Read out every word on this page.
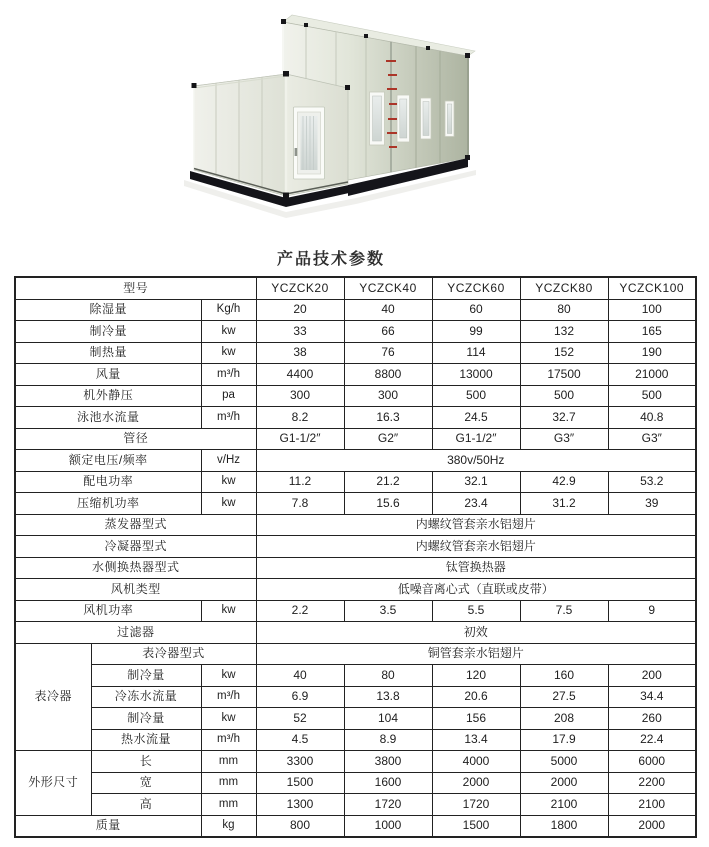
产品技术参数
型号			YCZCK20	YCZCK40	YCZCK60	YCZCK80	YCZCK100
除湿量		Kg/h	20	40	60	80	100
制冷量		kw	33	66	99	132	165
制热量		kw	38	76	114	152	190
风量		m³/h	4400	8800	13000	17500	21000
机外静压		pa	300	300	500	500	500
泳池水流量		m³/h	8.2	16.3	24.5	32.7	40.8
管径			G1-1/2″	G2″	G1-1/2″	G3″	G3″
额定电压/频率		v/Hz	380v/50Hz				
配电功率		kw	11.2	21.2	32.1	42.9	53.2
压缩机功率		kw	7.8	15.6	23.4	31.2	39
蒸发器型式			内螺纹管套亲水铝翅片				
冷凝器型式			内螺纹管套亲水铝翅片				
水侧换热器型式			钛管换热器				
风机类型			低噪音离心式（直联或皮带）				
风机功率		kw	2.2	3.5	5.5	7.5	9
过滤器			初效				
表冷器	表冷器型式		铜管套亲水铝翅片				
	制冷量	kw	40	80	120	160	200
	冷冻水流量	m³/h	6.9	13.8	20.6	27.5	34.4
	制冷量	kw	52	104	156	208	260
	热水流量	m³/h	4.5	8.9	13.4	17.9	22.4
外形尺寸	长	mm	3300	3800	4000	5000	6000
	宽	mm	1500	1600	2000	2000	2200
	高	mm	1300	1720	1720	2100	2100
质量		kg	800	1000	1500	1800	2000
